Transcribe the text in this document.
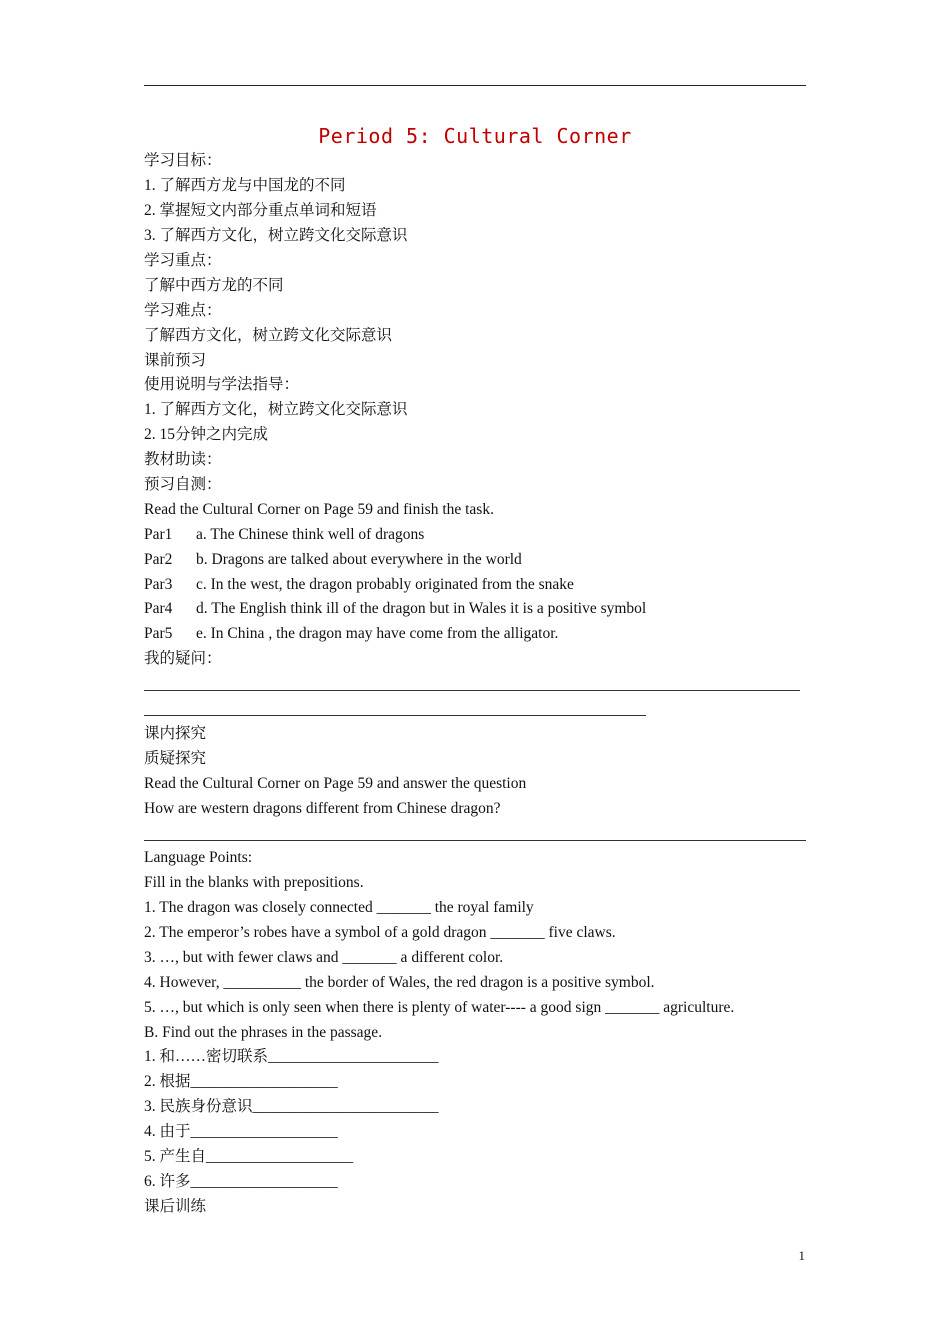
Period 5: Cultural Corner
学习目标：
1. 了解西方龙与中国龙的不同
2. 掌握短文内部分重点单词和短语
3. 了解西方文化，树立跨文化交际意识
学习重点：
了解中西方龙的不同
学习难点：
了解西方文化，树立跨文化交际意识
课前预习
使用说明与学法指导：
1. 了解西方文化，树立跨文化交际意识
2. 15分钟之内完成
教材助读：
预习自测：
Read the Cultural Corner on Page 59 and finish the task.
Par1 a. The Chinese think well of dragons
Par2 b. Dragons are talked about everywhere in the world
Par3 c. In the west, the dragon probably originated from the snake
Par4 d. The English think ill of the dragon but in Wales it is a positive symbol
Par5 e. In China , the dragon may have come from the alligator.
我的疑问：
课内探究
质疑探究
Read the Cultural Corner on Page 59 and answer the question
How are western dragons different from Chinese dragon?
Language Points:
Fill in the blanks with prepositions.
1. The dragon was closely connected _______ the royal family
2. The emperor’s robes have a symbol of a gold dragon _______ five claws.
3. …, but with fewer claws and _______ a different color.
4. However, __________ the border of Wales, the red dragon is a positive symbol.
5. …, but which is only seen when there is plenty of water---- a good sign _______ agriculture.
B. Find out the phrases in the passage.
1. 和……密切联系______________________
2. 根据___________________
3. 民族身份意识________________________
4. 由于___________________
5. 产生自___________________
6. 许多___________________
课后训练
1
